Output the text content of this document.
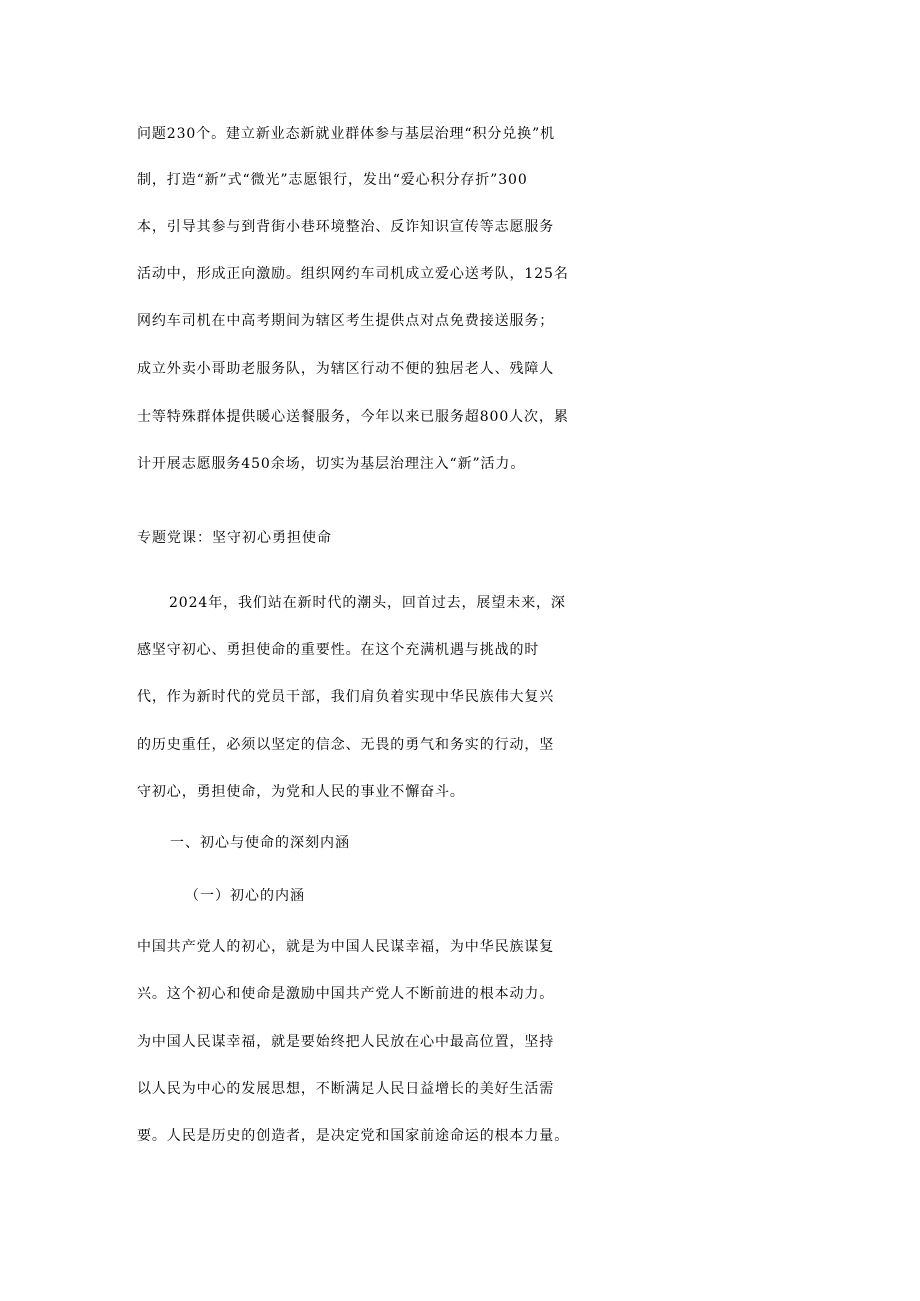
问题230个。建立新业态新就业群体参与基层治理“积分兑换”机

制，打造“新”式“微光”志愿银行，发出“爱心积分存折”300

本，引导其参与到背街小巷环境整治、反诈知识宣传等志愿服务

活动中，形成正向激励。组织网约车司机成立爱心送考队，125名

网约车司机在中高考期间为辖区考生提供点对点免费接送服务；

成立外卖小哥助老服务队，为辖区行动不便的独居老人、残障人

士等特殊群体提供暖心送餐服务，今年以来已服务超800人次，累

计开展志愿服务450余场，切实为基层治理注入“新”活力。

专题党课：坚守初心勇担使命

2024年，我们站在新时代的潮头，回首过去，展望未来，深

感坚守初心、勇担使命的重要性。在这个充满机遇与挑战的时

代，作为新时代的党员干部，我们肩负着实现中华民族伟大复兴

的历史重任，必须以坚定的信念、无畏的勇气和务实的行动，坚

守初心，勇担使命，为党和人民的事业不懈奋斗。

一、初心与使命的深刻内涵

（一）初心的内涵

中国共产党人的初心，就是为中国人民谋幸福，为中华民族谋复

兴。这个初心和使命是激励中国共产党人不断前进的根本动力。

为中国人民谋幸福，就是要始终把人民放在心中最高位置，坚持

以人民为中心的发展思想，不断满足人民日益增长的美好生活需

要。人民是历史的创造者，是决定党和国家前途命运的根本力量。
